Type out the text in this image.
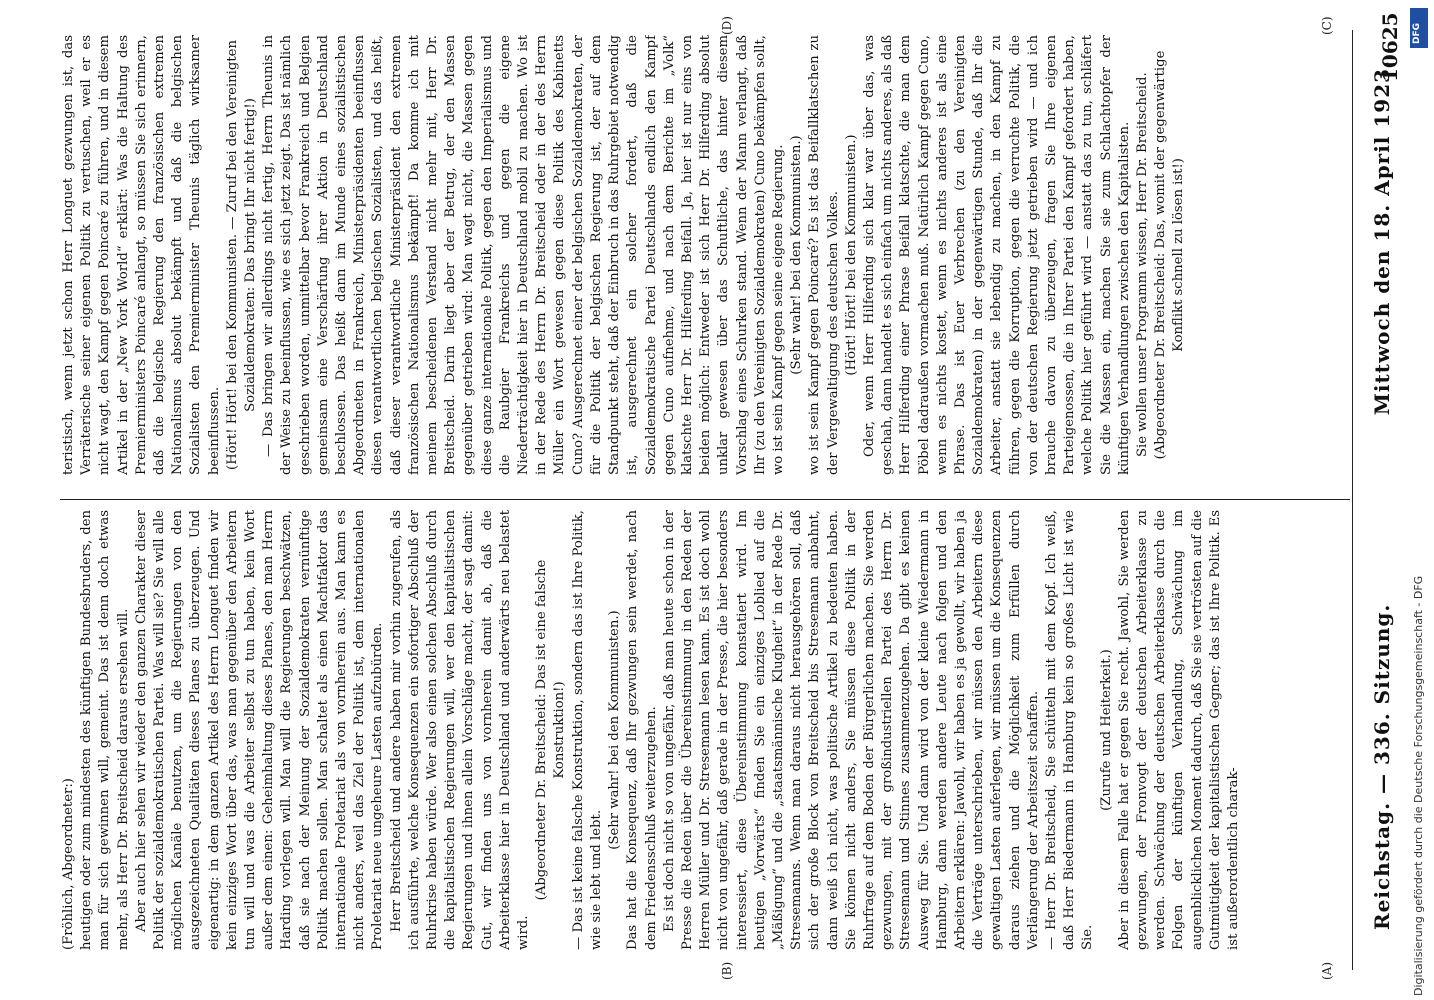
(Fröhlich, Abgeordneter:) heutigen oder zum mindesten des künftigen Bundesbruders, den man für sich gewinnen will, gemeint. Das ist denn doch etwas mehr, als Herr Dr. Breitscheid daraus ersehen will. Aber auch hier sehen wir wieder den ganzen Charakter dieser Politik der sozialdemokratischen Partei. Was will sie? Sie will alle möglichen Kanäle benutzen, um die Regierungen von den ausgezeichneten Qualitäten dieses Planes zu überzeugen. Und eigenartig: in dem ganzen Artikel des Herrn Longuet finden wir kein einziges Wort über das, was man gegenüber den Arbeitern tun will und was die Arbeiter selbst zu tun haben, kein Wort außer dem einen: Geheimhaltung dieses Planes, den man Herrn Harding vorlegen will. Man will die Regierungen beschwätzen, daß sie nach der Meinung der Sozialdemokraten vernünftige Politik machen sollen. Man schaltet als einen Machtfaktor das internationale Proletariat als von vornherein aus. Man kann es nicht anders, weil das Ziel der Politik ist, dem internationalen Proletariat neue ungeheure Lasten aufzubürden. Herr Breitscheid und andere haben mir vorhin zugerufen, als ich ausführte, welche Konsequenzen ein sofortiger Abschluß der Ruhrkrise haben würde. Wer also einen solchen Abschluß durch die kapitalistischen Regierungen will, wer den kapitalistischen Regierungen und ihnen allein Vorschläge macht, der sagt damit: Gut, wir finden uns von vornherein damit ab, daß die Arbeiterklasse hier in Deutschland und anderwärts neu belastet wird.

(Abgeordneter Dr. Breitscheid: Das ist eine falsche Konstruktion!) — Das ist keine falsche Konstruktion, sondern das ist Ihre Politik, wie sie lebt und lebt.

(Sehr wahr! bei den Kommunisten.) Das hat die Konsequenz, daß Ihr gezwungen sein werdet, nach dem Friedensschluß weiterzugehen. Es ist doch nicht so von ungefähr, daß man heute schon in der Presse die Reden über die Übereinstimmung in den Reden der Herren Müller und Dr. Stresemann lesen kann. Es ist doch wohl nicht von ungefähr, daß gerade in der Presse, die hier besonders interessiert, diese Übereinstimmung konstatiert wird. Im heutigen „Vorwärts“ finden Sie ein einziges Loblied auf die „Mäßigung“ und die „staatsmännische Klugheit“ in der Rede Dr. Stresemanns. Wenn man daraus nicht herausgehören soll, daß sich der große Block von Breitscheid bis Stresemann anbahnt, dann weiß ich nicht, was politische Artikel zu bedeuten haben. Sie können nicht anders, Sie müssen diese Politik in der Ruhrfrage auf dem Boden der Bürgerlichen machen. Sie werden gezwungen, mit der großindustriellen Partei des Herrn Dr. Stresemann und Stinnes zusammenzugehen. Da gibt es keinen Ausweg für Sie. Und dann wird von der kleine Wiedermann in Hamburg, dann werden andere Leute nach folgen und den Arbeitern erklären: Jawohl, wir haben es ja gewollt, wir haben ja die Verträge unterschrieben, wir müssen den Arbeitern diese gewaltigen Lasten auferlegen, wir müssen um die Konsequenzen daraus ziehen und die Möglichkeit zum Erfüllen durch Verlängerung der Arbeitszeit schaffen. — Herr Dr. Breitscheid, Sie schütteln mit dem Kopf. Ich weiß, daß Herr Biedermann in Hamburg kein so großes Licht ist wie Sie.

(Zurufe und Heiterkeit.) Aber in diesem Falle hat er gegen Sie recht. Jawohl, Sie werden gezwungen, der Fronvogt der deutschen Arbeiterklasse zu werden. Schwächung der deutschen Arbeiterklasse durch die Folgen der künftigen Verhandlung, Schwächung im augenblicklichen Moment dadurch, daß Sie sie vertrösten auf die Gutmütigkeit der kapitalistischen Gegner; das ist Ihre Politik. Es ist außerordentlich charak-

teristisch, wenn jetzt schon Herr Longuet gezwungen ist, das Verräterische seiner eigenen Politik zu vertuschen, weil er es nicht wagt, den Kampf gegen Poincaré zu führen, und in diesem Artikel in der „New York World“ erklärt: Was die Haltung des Premierministers Poincaré anlangt, so müssen Sie sich erinnern, daß die belgische Regierung den französischen extremen Nationalismus absolut bekämpft und daß die belgischen Sozialisten den Premierminister Theunis täglich wirksamer beeinflussen. (Hört! Hört! bei den Kommunisten. — Zuruf bei den Vereinigten Sozialdemokraten: Das bringt Ihr nicht fertig!) — Das bringen wir allerdings nicht fertig, Herrn Theunis in der Weise zu beeinflussen, wie es sich jetzt zeigt. Das ist nämlich geschrieben worden, unmittelbar bevor Frankreich und Belgien gemeinsam eine Verschärfung ihrer Aktion in Deutschland beschlossen. Das heißt dann im Munde eines sozialistischen Abgeordneten in Frankreich, Ministerpräsidenten beeinflussen diesen verantwortlichen belgischen Sozialisten, und das heißt, daß dieser verantwortliche Ministerpräsident den extremen französischen Nationalismus bekämpft! Da komme ich mit meinem bescheidenen Verstand nicht mehr mit, Herr Dr. Breitscheid. Darin liegt aber der Betrug, der den Massen gegenüber getrieben wird: Man wagt nicht, die Massen gegen diese ganze internationale Politik, gegen den Imperialismus und die Raubgier Frankreichs und gegen die eigene Niederträchtigkeit hier in Deutschland mobil zu machen. Wo ist in der Rede des Herrn Dr. Breitscheid oder in der des Herrn Müller ein Wort gewesen gegen diese Politik des Kabinetts Cuno? Ausgerechnet einer der belgischen Sozialdemokraten, der für die Politik der belgischen Regierung ist, der auf dem Standpunkt steht, daß der Einbruch in das Ruhrgebiet notwendig ist, ausgerechnet ein solcher fordert, daß die Sozialdemokratische Partei Deutschlands endlich den Kampf gegen Cuno aufnehme, und nach dem Berichte im „Volk“ klatschte Herr Dr. Hilferding Beifall. Ja, hier ist nur eins von beiden möglich: Entweder ist sich Herr Dr. Hilferding absolut unklar gewesen über das Schuftliche, das hinter diesem Vorschlag eines Schurken stand. Wenn der Mann verlangt, daß Ihr (zu den Vereinigten Sozialdemokraten) Cuno bekämpfen sollt, wo ist sein Kampf gegen seine eigene Regierung. (Sehr wahr! bei den Kommunisten.) wo ist sein Kampf gegen Poincaré? Es ist das Beifallklatschen zu der Vergewaltigung des deutschen Volkes. (Hört! Hört! bei den Kommunisten.) Oder, wenn Herr Hilferding sich klar war über das, was geschah, dann handelt es sich einfach um nichts anderes, als daß Herr Hilferding einer Phrase Beifall klatschte, die man dem Pöbel dadraußen vormachen muß. Natürlich Kampf gegen Cuno, wenn es nichts kostet, wenn es nichts anderes ist als eine Phrase. Das ist Euer Verbrechen (zu den Vereinigten Sozialdemokraten) in der gegenwärtigen Stunde, daß Ihr die Arbeiter, anstatt sie lebendig zu machen, in den Kampf zu führen, gegen die Korruption, gegen die verruchte Politik, die von der deutschen Regierung jetzt getrieben wird — und ich brauche davon zu überzeugen, fragen Sie Ihre eigenen Parteigenossen, die in Ihrer Partei den Kampf gefordert haben, welche Politik hier geführt wird — anstatt das zu tun, schläfert Sie die Massen ein, machen Sie sie zum Schlachtopfer der künftigen Verhandlungen zwischen den Kapitalisten. Sie wollen unser Programm wissen, Herr Dr. Breitscheid. (Abgeordneter Dr. Breitscheid: Das, womit der gegenwärtige Konflikt schnell zu lösen ist!)

Reichstag. — 336. Sitzung.
Mittwoch den 18. April 1923.
(A)
(B)
(C)
(D)	DFG
Digitalisierung gefördert durch die Deutsche Forschungsgemeinschaft - DFG
10625
